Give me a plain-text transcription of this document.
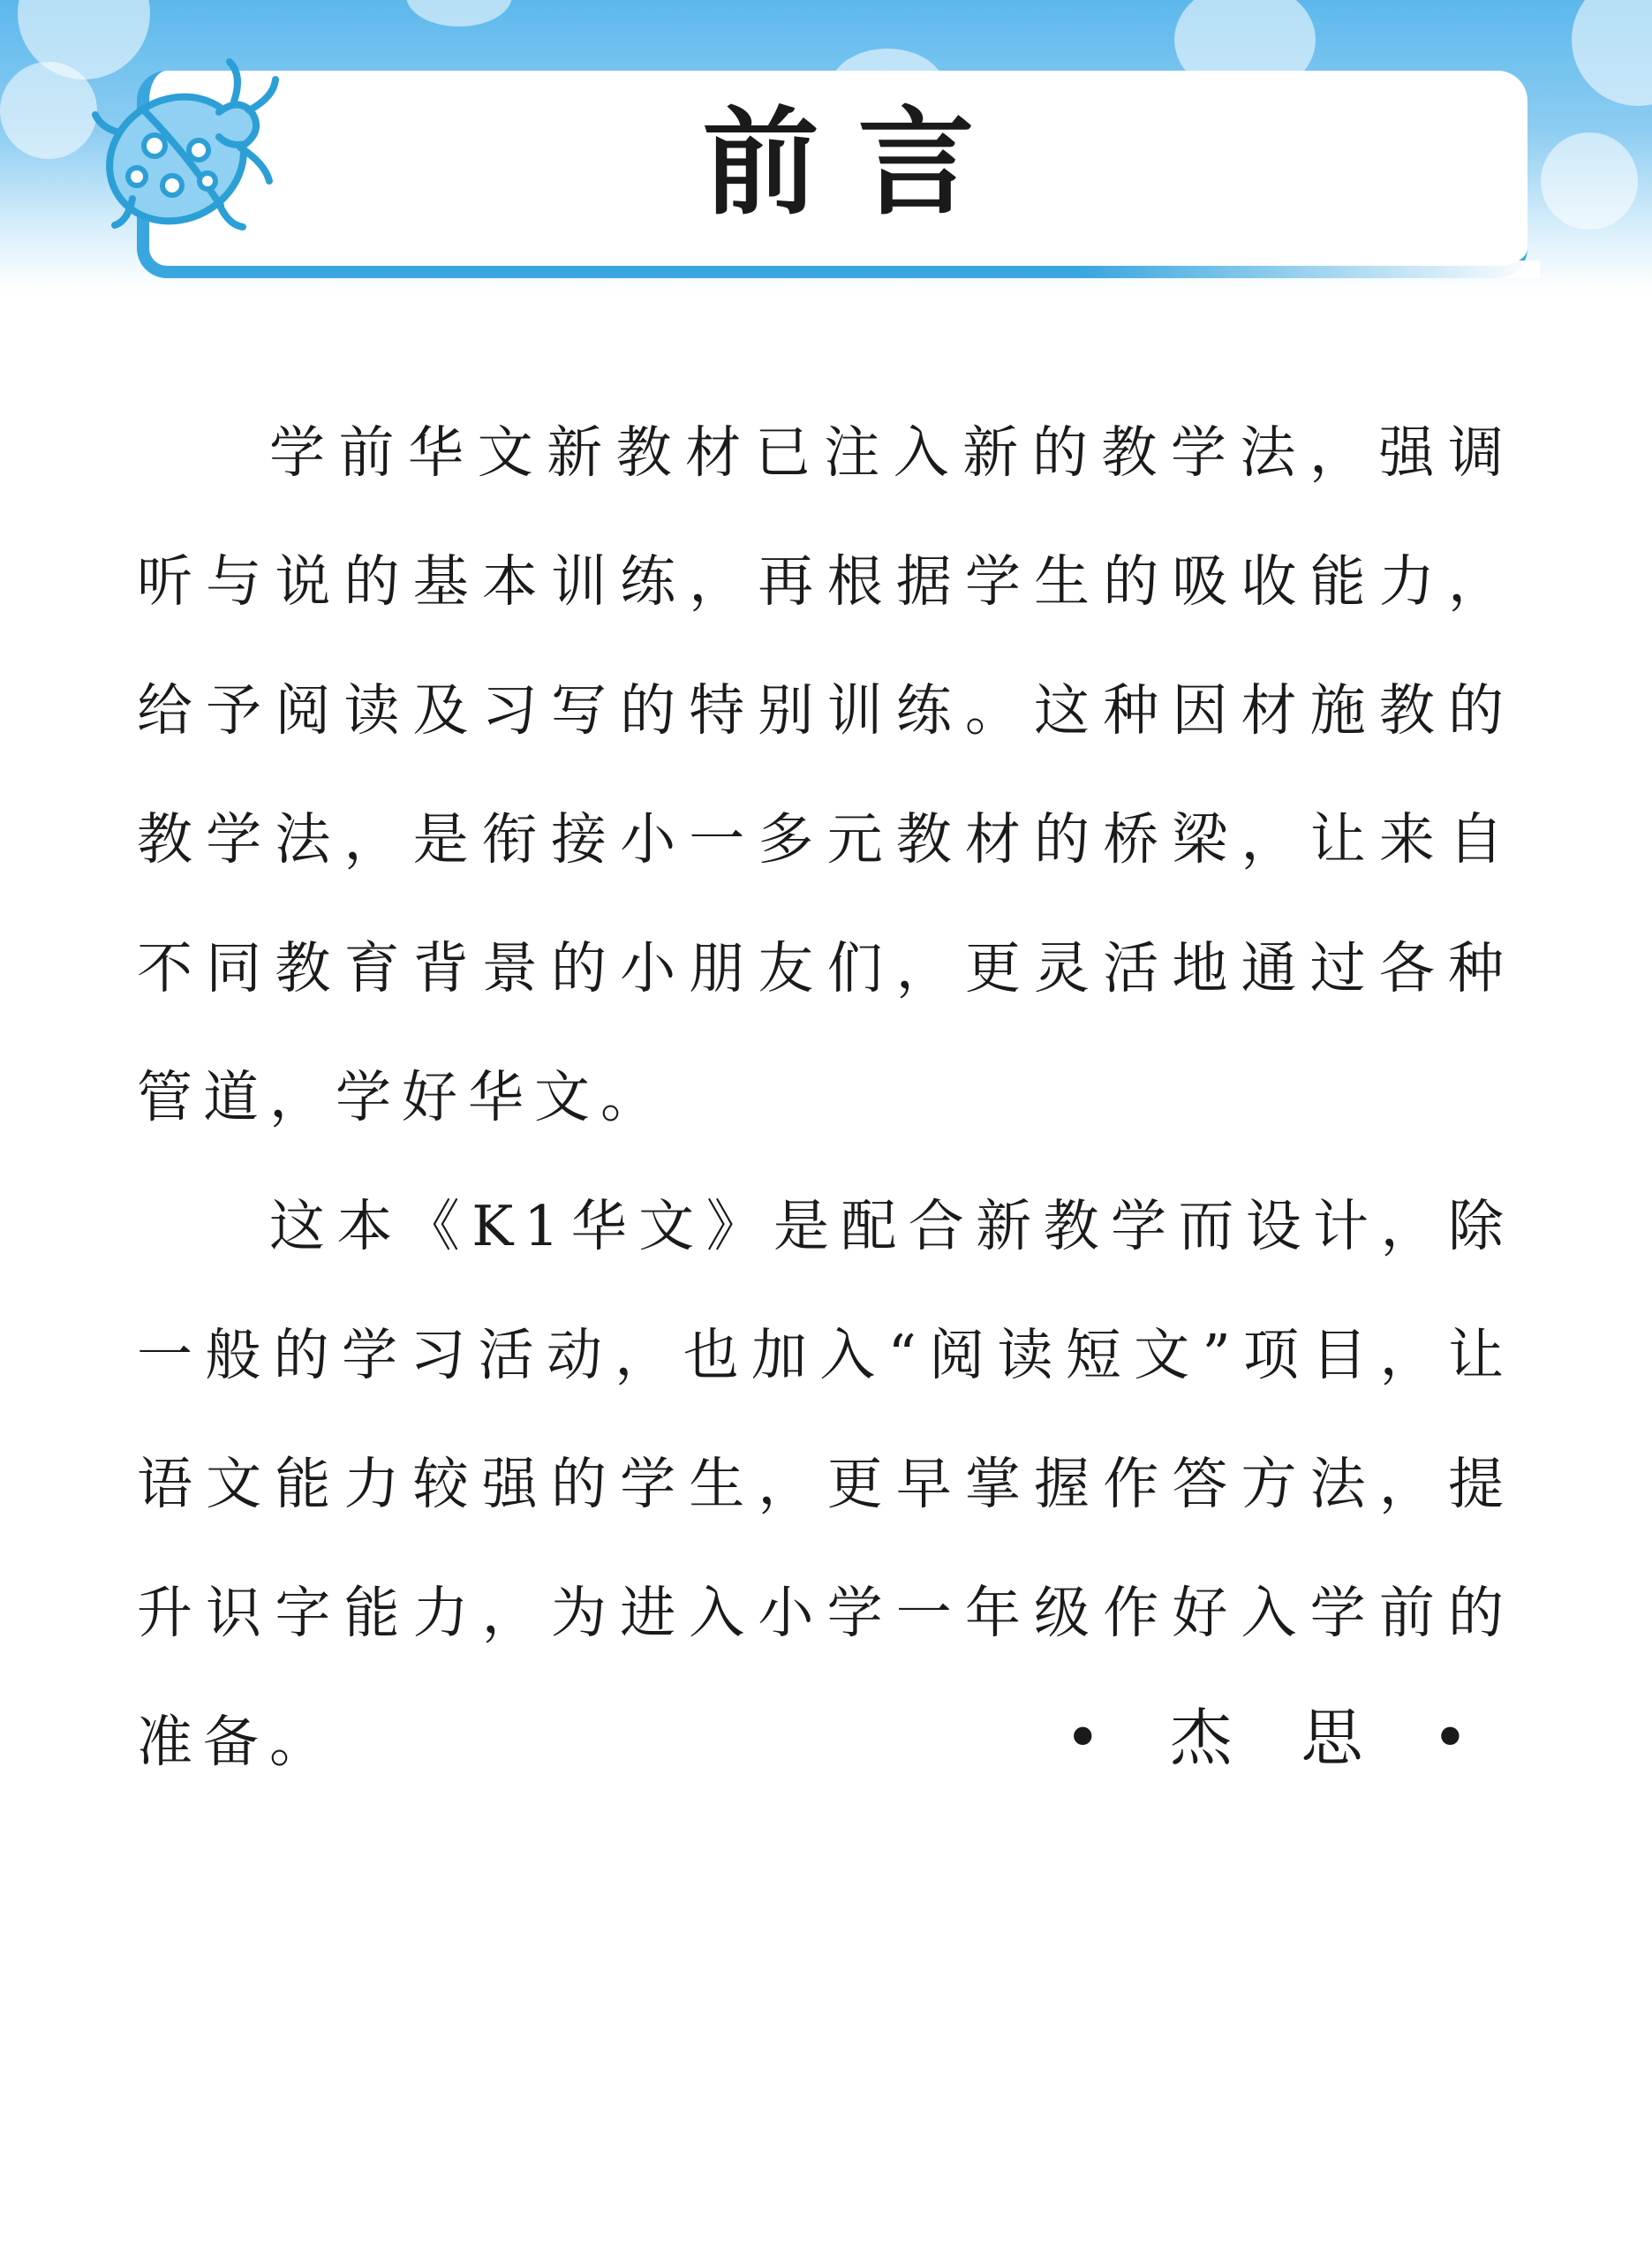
前言

学前华文新教材已注入新的教学法，强调听与说的基本训练，再根据学生的吸收能力，给予阅读及习写的特别训练。这种因材施教的教学法，是衔接小一多元教材的桥梁，让来自不同教育背景的小朋友们，更灵活地通过各种管道，学好华文。

这本《K1华文》是配合新教学而设计，除一般的学习活动，也加入“阅读短文”项目，让语文能力较强的学生，更早掌握作答方法，提升识字能力，为进入小学一年级作好入学前的准备。	• 杰 思 •
